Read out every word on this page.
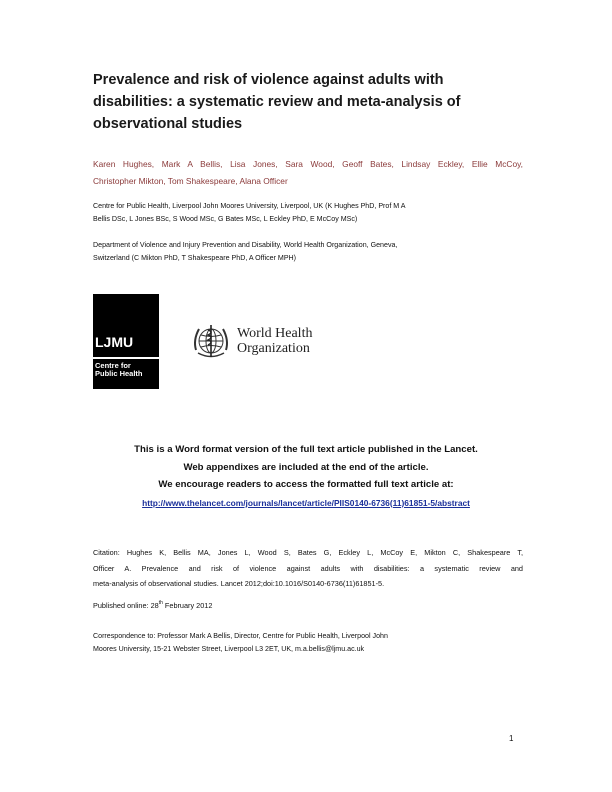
Prevalence and risk of violence against adults with
disabilities: a systematic review and meta-analysis of
observational studies
Karen Hughes, Mark A Bellis, Lisa Jones, Sara Wood, Geoff Bates, Lindsay Eckley, Ellie McCoy,
Christopher Mikton, Tom Shakespeare, Alana Officer
Centre for Public Health, Liverpool John Moores University, Liverpool, UK (K Hughes PhD, Prof M A
Bellis DSc, L Jones BSc, S Wood MSc, G Bates MSc, L Eckley PhD, E McCoy MSc)
Department of Violence and Injury Prevention and Disability, World Health Organization, Geneva,
Switzerland (C Mikton PhD, T Shakespeare PhD, A Officer MPH)
LJMU
Centre for
Public Health
World Health
Organization
This is a Word format version of the full text article published in the Lancet.
Web appendixes are included at the end of the article.
We encourage readers to access the formatted full text article at:
http://www.thelancet.com/journals/lancet/article/PIIS0140-6736(11)61851-5/abstract
Citation: Hughes K, Bellis MA, Jones L, Wood S, Bates G, Eckley L, McCoy E, Mikton C, Shakespeare T,
Officer A. Prevalence and risk of violence against adults with disabilities: a systematic review and
meta-analysis of observational studies. Lancet 2012;doi:10.1016/S0140-6736(11)61851-5.
Published online: 28th February 2012
Correspondence to: Professor Mark A Bellis, Director, Centre for Public Health, Liverpool John
Moores University, 15-21 Webster Street, Liverpool L3 2ET, UK, m.a.bellis@ljmu.ac.uk
1
